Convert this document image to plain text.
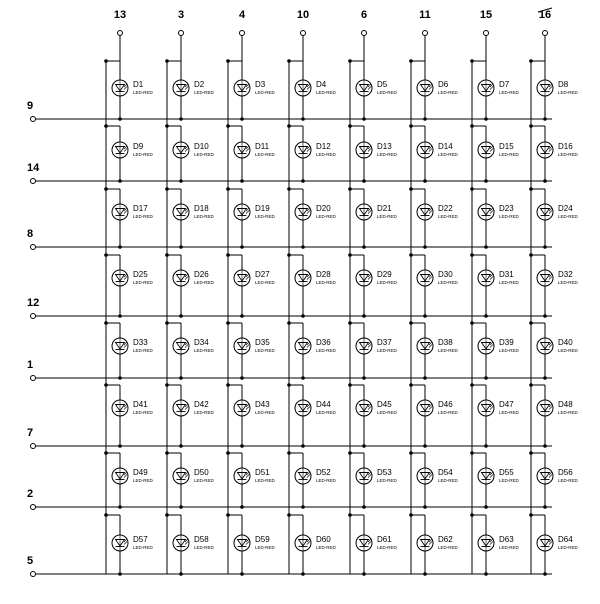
13	3	4	10	6	11	15	16
9
14
8
12
1
7
2
5
D1
LED-RED
D2
LED-RED
D3
LED-RED
D4
LED-RED
D5
LED-RED
D6
LED-RED
D7
LED-RED
D8
LED-RED
D9
LED-RED
D10
LED-RED
D11
LED-RED
D12
LED-RED
D13
LED-RED
D14
LED-RED
D15
LED-RED
D16
LED-RED
D17
LED-RED
D18
LED-RED
D19
LED-RED
D20
LED-RED
D21
LED-RED
D22
LED-RED
D23
LED-RED
D24
LED-RED
D25
LED-RED
D26
LED-RED
D27
LED-RED
D28
LED-RED
D29
LED-RED
D30
LED-RED
D31
LED-RED
D32
LED-RED
D33
LED-RED
D34
LED-RED
D35
LED-RED
D36
LED-RED
D37
LED-RED
D38
LED-RED
D39
LED-RED
D40
LED-RED
D41
LED-RED
D42
LED-RED
D43
LED-RED
D44
LED-RED
D45
LED-RED
D46
LED-RED
D47
LED-RED
D48
LED-RED
D49
LED-RED
D50
LED-RED
D51
LED-RED
D52
LED-RED
D53
LED-RED
D54
LED-RED
D55
LED-RED
D56
LED-RED
D57
LED-RED
D58
LED-RED
D59
LED-RED
D60
LED-RED
D61
LED-RED
D62
LED-RED
D63
LED-RED
D64
LED-RED
